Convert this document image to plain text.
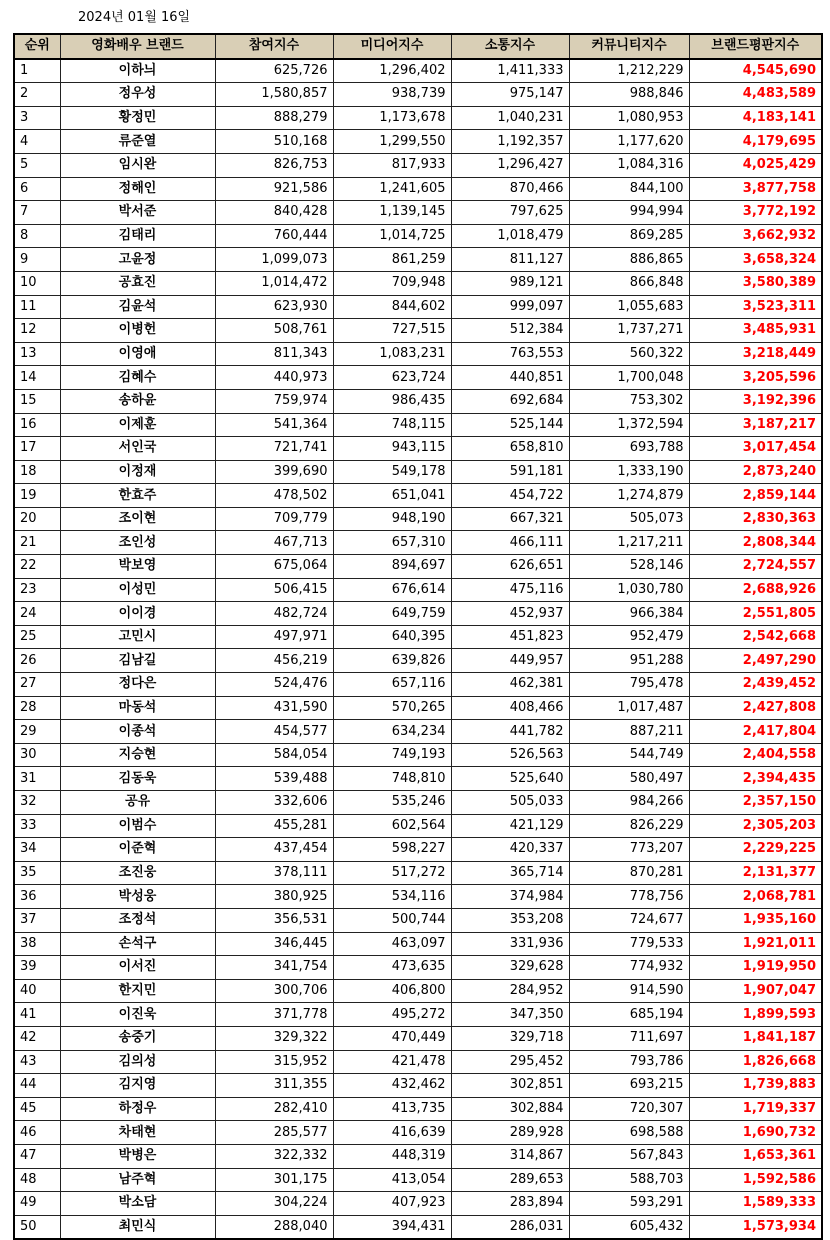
2024년 01월 16일
순위	영화배우 브랜드	참여지수	미디어지수	소통지수	커뮤니티지수	브랜드평판지수
1	이하늬	625,726	1,296,402	1,411,333	1,212,229	4,545,690
2	정우성	1,580,857	938,739	975,147	988,846	4,483,589
3	황정민	888,279	1,173,678	1,040,231	1,080,953	4,183,141
4	류준열	510,168	1,299,550	1,192,357	1,177,620	4,179,695
5	임시완	826,753	817,933	1,296,427	1,084,316	4,025,429
6	정해인	921,586	1,241,605	870,466	844,100	3,877,758
7	박서준	840,428	1,139,145	797,625	994,994	3,772,192
8	김태리	760,444	1,014,725	1,018,479	869,285	3,662,932
9	고윤정	1,099,073	861,259	811,127	886,865	3,658,324
10	공효진	1,014,472	709,948	989,121	866,848	3,580,389
11	김윤석	623,930	844,602	999,097	1,055,683	3,523,311
12	이병헌	508,761	727,515	512,384	1,737,271	3,485,931
13	이영애	811,343	1,083,231	763,553	560,322	3,218,449
14	김혜수	440,973	623,724	440,851	1,700,048	3,205,596
15	송하윤	759,974	986,435	692,684	753,302	3,192,396
16	이제훈	541,364	748,115	525,144	1,372,594	3,187,217
17	서인국	721,741	943,115	658,810	693,788	3,017,454
18	이정재	399,690	549,178	591,181	1,333,190	2,873,240
19	한효주	478,502	651,041	454,722	1,274,879	2,859,144
20	조이현	709,779	948,190	667,321	505,073	2,830,363
21	조인성	467,713	657,310	466,111	1,217,211	2,808,344
22	박보영	675,064	894,697	626,651	528,146	2,724,557
23	이성민	506,415	676,614	475,116	1,030,780	2,688,926
24	이이경	482,724	649,759	452,937	966,384	2,551,805
25	고민시	497,971	640,395	451,823	952,479	2,542,668
26	김남길	456,219	639,826	449,957	951,288	2,497,290
27	정다은	524,476	657,116	462,381	795,478	2,439,452
28	마동석	431,590	570,265	408,466	1,017,487	2,427,808
29	이종석	454,577	634,234	441,782	887,211	2,417,804
30	지승현	584,054	749,193	526,563	544,749	2,404,558
31	김동욱	539,488	748,810	525,640	580,497	2,394,435
32	공유	332,606	535,246	505,033	984,266	2,357,150
33	이범수	455,281	602,564	421,129	826,229	2,305,203
34	이준혁	437,454	598,227	420,337	773,207	2,229,225
35	조진웅	378,111	517,272	365,714	870,281	2,131,377
36	박성웅	380,925	534,116	374,984	778,756	2,068,781
37	조정석	356,531	500,744	353,208	724,677	1,935,160
38	손석구	346,445	463,097	331,936	779,533	1,921,011
39	이서진	341,754	473,635	329,628	774,932	1,919,950
40	한지민	300,706	406,800	284,952	914,590	1,907,047
41	이진욱	371,778	495,272	347,350	685,194	1,899,593
42	송중기	329,322	470,449	329,718	711,697	1,841,187
43	김의성	315,952	421,478	295,452	793,786	1,826,668
44	김지영	311,355	432,462	302,851	693,215	1,739,883
45	하정우	282,410	413,735	302,884	720,307	1,719,337
46	차태현	285,577	416,639	289,928	698,588	1,690,732
47	박병은	322,332	448,319	314,867	567,843	1,653,361
48	남주혁	301,175	413,054	289,653	588,703	1,592,586
49	박소담	304,224	407,923	283,894	593,291	1,589,333
50	최민식	288,040	394,431	286,031	605,432	1,573,934
